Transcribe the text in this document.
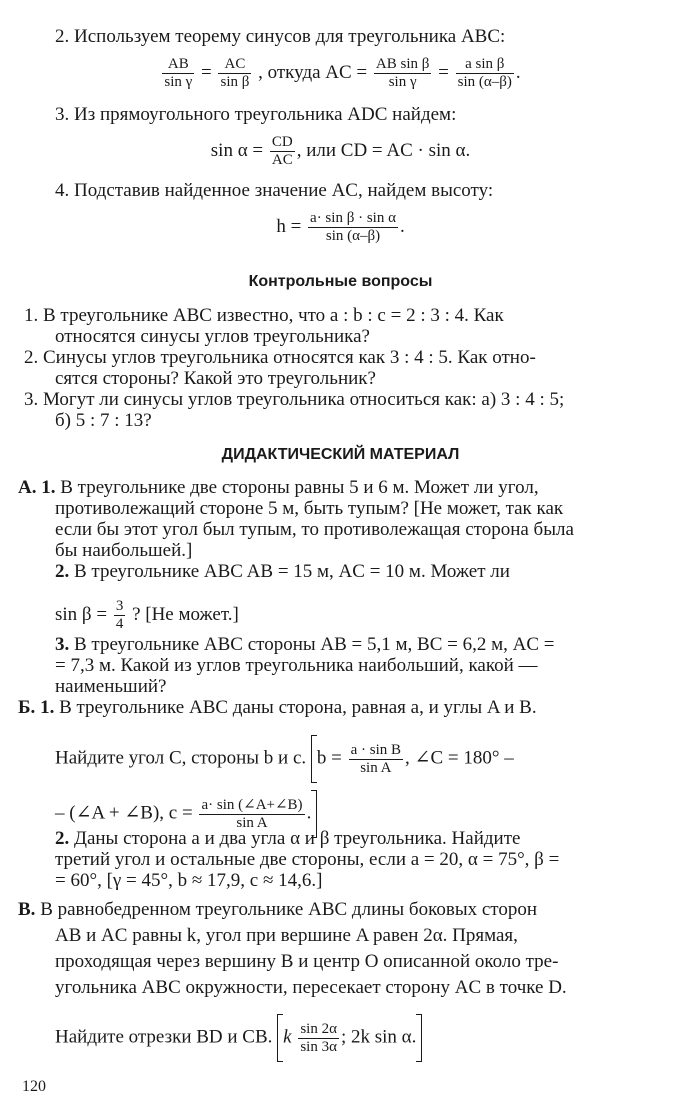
2. Используем теорему синусов для треугольника ABC:
$\frac{AB}{\text{sin γ}} = \frac{AC}{\text{sin β}}$ , откуда AC = $\frac{\text{AB sin β}}{\text{sin γ}} = \frac{\text{a sin β}}{\sin (\alpha-\beta)}$ .
3. Из прямоугольного треугольника ADC найдем:
$\sin \alpha = \frac{CD}{AC}$ , или CD = AC · sin α.
4. Подставив найденное значение AC, найдем высоту:
$h = \frac{\text{a· sin β · sin α}}{\sin (\alpha-\beta)}$ .
Контрольные вопросы
1. В треугольнике ABC известно, что a : b : c = 2 : 3 : 4. Как
относятся синусы углов треугольника?
2. Синусы углов треугольника относятся как 3 : 4 : 5. Как отно-
сятся стороны? Какой это треугольник?
3. Могут ли синусы углов треугольника относиться как: а) 3 : 4 : 5;
б) 5 : 7 : 13?
ДИДАКТИЧЕСКИЙ МАТЕРИАЛ
А. 1. В треугольнике две стороны равны 5 и 6 м. Может ли угол,
противолежащий стороне 5 м, быть тупым? [Не может, так как
если бы этот угол был тупым, то противолежащая сторона была
бы наибольшей.]
2. В треугольнике ABC AB = 15 м, AC = 10 м. Может ли
$\sin \beta = \frac{3}{4}$ ? [Не может.]
3. В треугольнике ABC стороны AB = 5,1 м, BC = 6,2 м, AC =
= 7,3 м. Какой из углов треугольника наибольший, какой —
наименьший?
Б. 1. В треугольнике ABC даны сторона, равная a, и углы A и B.
Найдите угол C, стороны b и c. $b = \frac{\text{a · sin B}}{\text{sin A}}$ , ∠C = 180° –
– (∠A + ∠B), $c = \frac{a\cdot \sin (\angle A+\angle B)}{\text{sin A}}$ .
2. Даны сторона a и два угла α и β треугольника. Найдите
третий угол и остальные две стороны, если a = 20, α = 75°, β =
= 60°, [γ = 45°, b ≈ 17,9, c ≈ 14,6.]
В. В равнобедренном треугольнике ABC длины боковых сторон
AB и AC равны k, угол при вершине A равен 2α. Прямая,
проходящая через вершину B и центр O описанной около тре-
угольника ABC окружности, пересекает сторону AC в точке D.
Найдите отрезки BD и CB. k $\frac{\sin 2\alpha}{\sin 3\alpha}$ ; 2k sin α.
120
